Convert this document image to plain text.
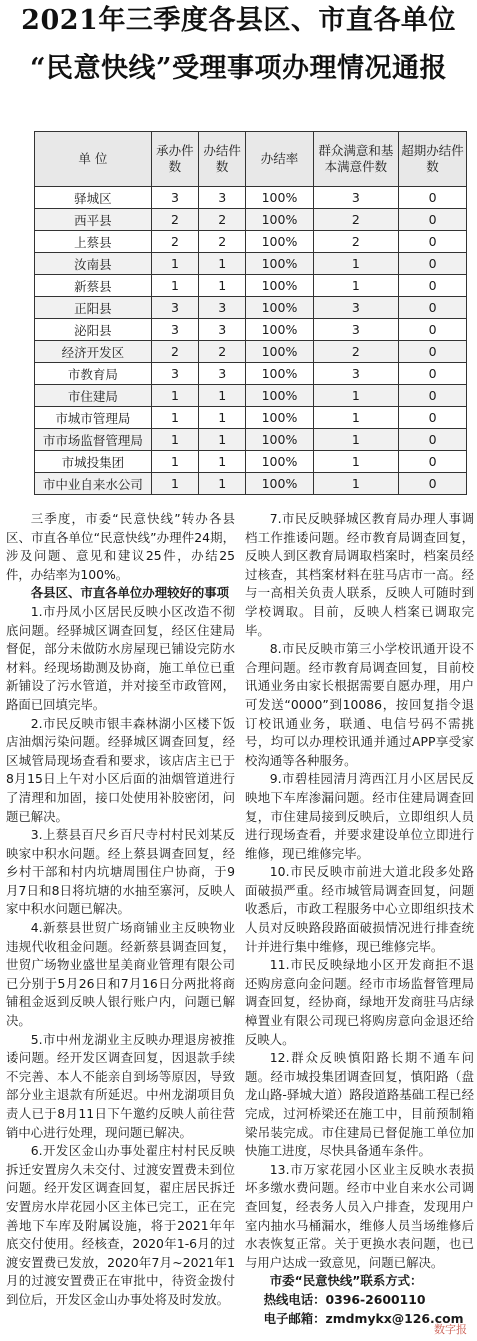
2021年三季度各县区、市直各单位
“民意快线”受理事项办理情况通报
单 位	承办件数	办结件数	办结率	群众满意和基本满意件数	超期办结件数
驿城区	3	3	100%	3	0
西平县	2	2	100%	2	0
上蔡县	2	2	100%	2	0
汝南县	1	1	100%	1	0
新蔡县	1	1	100%	1	0
正阳县	3	3	100%	3	0
泌阳县	3	3	100%	3	0
经济开发区	2	2	100%	2	0
市教育局	3	3	100%	3	0
市住建局	1	1	100%	1	0
市城市管理局	1	1	100%	1	0
市市场监督管理局	1	1	100%	1	0
市城投集团	1	1	100%	1	0
市中业自来水公司	1	1	100%	1	0

三季度，市委“民意快线”转办各县区、市直各单位“民意快线”办理件24期，涉及问题、意见和建议25件，办结25件，办结率为100%。

各县区、市直各单位办理较好的事项

1.市丹凤小区居民反映小区改造不彻底问题。经驿城区调查回复，经区住建局督促，部分未做防水房屋现已铺设完防水材料。经现场勘测及协商，施工单位已重新铺设了污水管道，并对接至市政管网，路面已回填完毕。

2.市民反映市银丰森林湖小区楼下饭店油烟污染问题。经驿城区调查回复，经区城管局现场查看和要求，该店店主已于8月15日上午对小区后面的油烟管道进行了清理和加固，接口处使用补胶密闭，问题已解决。

3.上蔡县百尺乡百尺寺村村民刘某反映家中积水问题。经上蔡县调查回复，经乡村干部和村内坑塘周围住户协商，于9月7日和8日将坑塘的水抽至寨河，反映人家中积水问题已解决。

4.新蔡县世贸广场商铺业主反映物业违规代收租金问题。经新蔡县调查回复，世贸广场物业盛世星美商业管理有限公司已分别于5月26日和7月16日分两批将商铺租金返到反映人银行账户内，问题已解决。

5.市中州龙湖业主反映办理退房被推诿问题。经开发区调查回复，因退款手续不完善、本人不能亲自到场等原因，导致部分业主退款有所延迟。中州龙湖项目负责人已于8月11日下午邀约反映人前往营销中心进行处理，现问题已解决。

6.开发区金山办事处翟庄村村民反映拆迁安置房久未交付、过渡安置费未到位问题。经开发区调查回复，翟庄居民拆迁安置房水岸花园小区主体已完工，正在完善地下车库及附属设施，将于2021年年底交付使用。经核查，2020年1-6月的过渡安置费已发放，2020年7月~2021年1月的过渡安置费正在审批中，待资金拨付到位后，开发区金山办事处将及时发放。

7.市民反映驿城区教育局办理人事调档工作推诿问题。经市教育局调查回复，反映人到区教育局调取档案时，档案员经过核查，其档案材料在驻马店市一高。经与一高相关负责人联系，反映人可随时到学校调取。目前，反映人档案已调取完毕。

8.市民反映市第三小学校讯通开设不合理问题。经市教育局调查回复，目前校讯通业务由家长根据需要自愿办理，用户可发送“0000”到10086，按回复指令退订校讯通业务，联通、电信号码不需挑号，均可以办理校讯通并通过APP享受家校沟通等各种服务。

9.市碧桂园清月湾西江月小区居民反映地下车库渗漏问题。经市住建局调查回复，市住建局接到反映后，立即组织人员进行现场查看，并要求建设单位立即进行维修，现已维修完毕。

10.市民反映市前进大道北段多处路面破损严重。经市城管局调查回复，问题收悉后，市政工程服务中心立即组织技术人员对反映路段路面破损情况进行排查统计并进行集中维修，现已维修完毕。

11.市民反映绿地小区开发商拒不退还购房意向金问题。经市市场监督管理局调查回复，经协商，绿地开发商驻马店绿樟置业有限公司现已将购房意向金退还给反映人。

12.群众反映慎阳路长期不通车问题。经市城投集团调查回复，慎阳路（盘龙山路-驿城大道）路段道路基础工程已经完成，过河桥梁还在施工中，目前预制箱梁吊装完成。市住建局已督促施工单位加快施工进度，尽快具备通车条件。

13.市万家花园小区业主反映水表损坏多缴水费问题。经市中业自来水公司调查回复，经表务人员入户排查，发现用户室内抽水马桶漏水，维修人员当场维修后水表恢复正常。关于更换水表问题，也已与用户达成一致意见，问题已解决。

市委“民意快线”联系方式：

热线电话：0396-2600110

电子邮箱：zmdmykx@126.com

数字报
